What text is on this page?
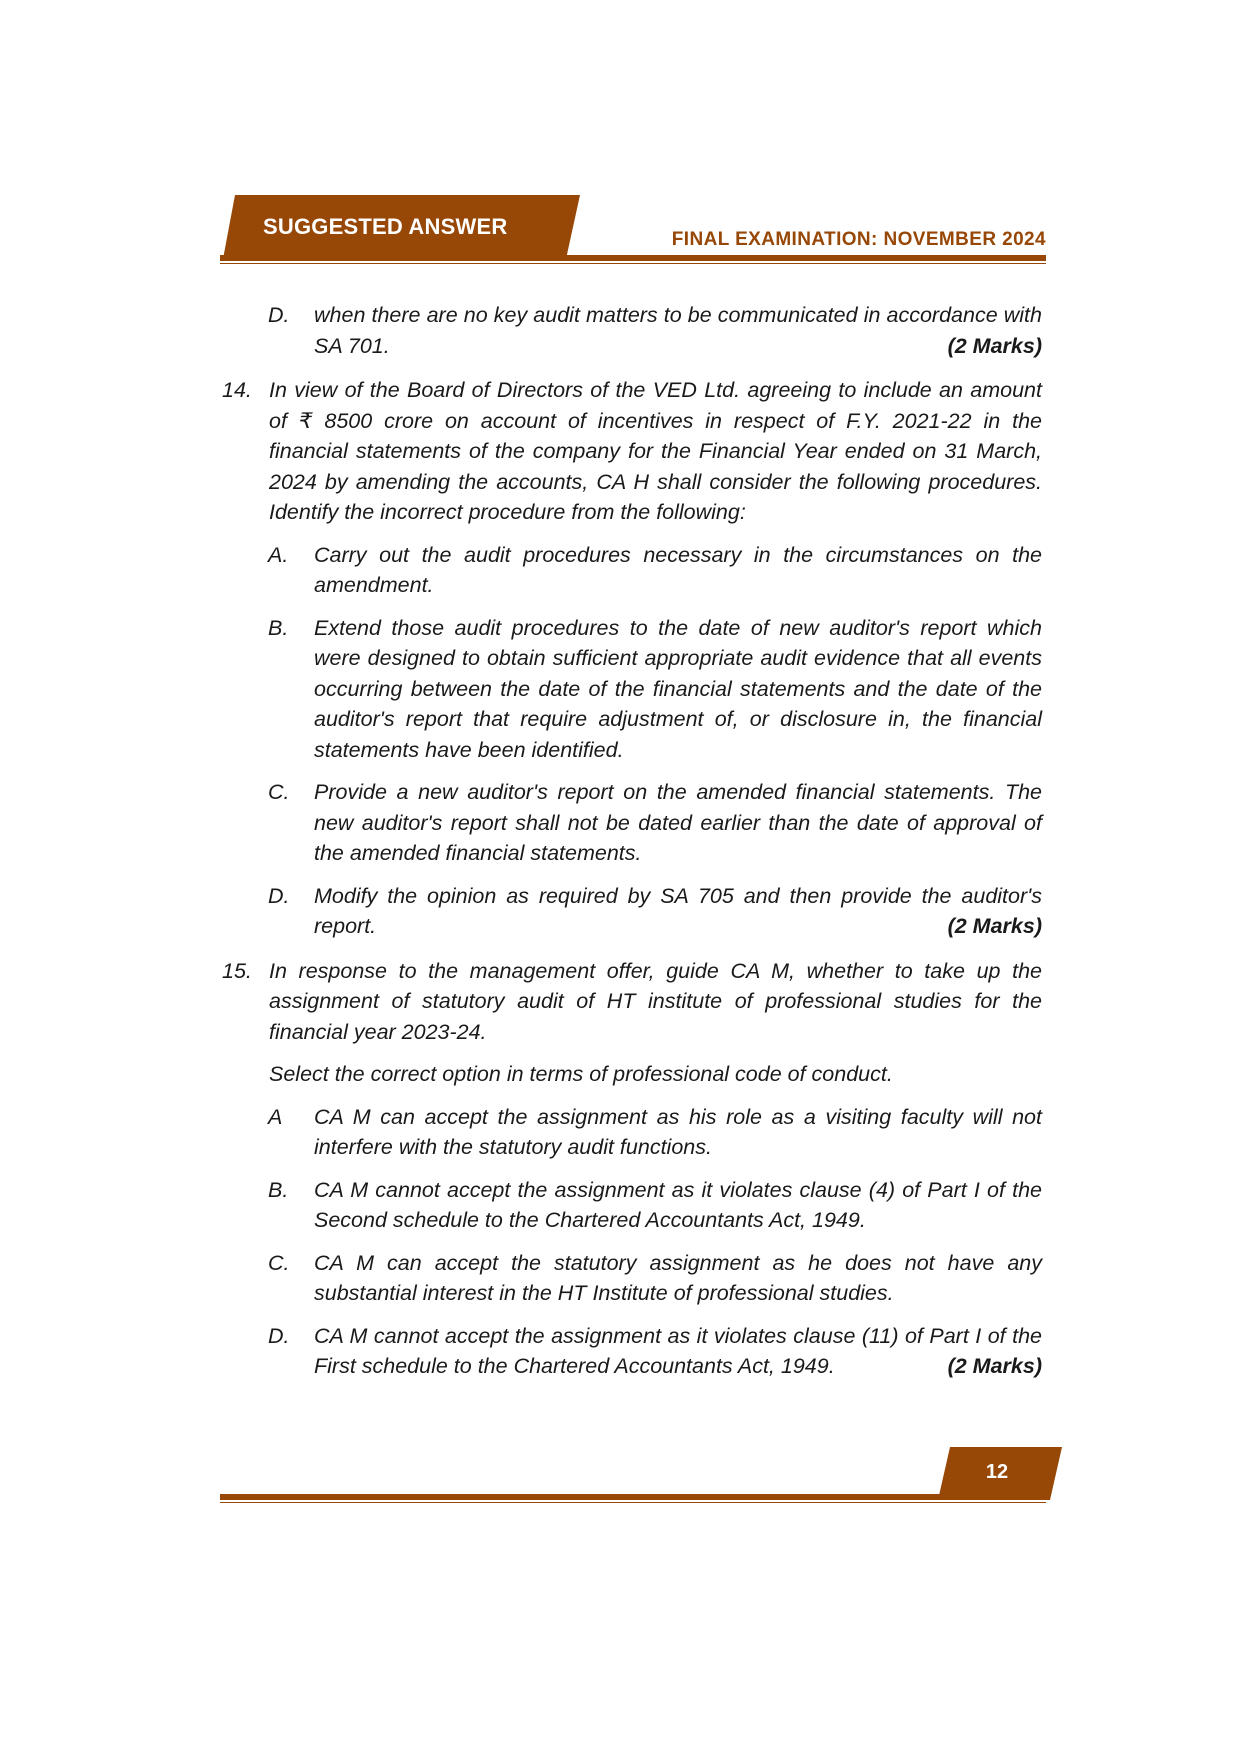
SUGGESTED ANSWER
FINAL EXAMINATION: NOVEMBER 2024
D. when there are no key audit matters to be communicated in accordance with SA 701.	(2 Marks)
14. In view of the Board of Directors of the VED Ltd. agreeing to include an amount of ₹ 8500 crore on account of incentives in respect of F.Y. 2021-22 in the financial statements of the company for the Financial Year ended on 31 March, 2024 by amending the accounts, CA H shall consider the following procedures. Identify the incorrect procedure from the following:
A. Carry out the audit procedures necessary in the circumstances on the amendment.
B. Extend those audit procedures to the date of new auditor's report which were designed to obtain sufficient appropriate audit evidence that all events occurring between the date of the financial statements and the date of the auditor's report that require adjustment of, or disclosure in, the financial statements have been identified.
C. Provide a new auditor's report on the amended financial statements. The new auditor's report shall not be dated earlier than the date of approval of the amended financial statements.
D. Modify the opinion as required by SA 705 and then provide the auditor's report.	(2 Marks)
15. In response to the management offer, guide CA M, whether to take up the assignment of statutory audit of HT institute of professional studies for the financial year 2023-24.
Select the correct option in terms of professional code of conduct.
A CA M can accept the assignment as his role as a visiting faculty will not interfere with the statutory audit functions.
B. CA M cannot accept the assignment as it violates clause (4) of Part I of the Second schedule to the Chartered Accountants Act, 1949.
C. CA M can accept the statutory assignment as he does not have any substantial interest in the HT Institute of professional studies.
D. CA M cannot accept the assignment as it violates clause (11) of Part I of the First schedule to the Chartered Accountants Act, 1949.	(2 Marks)
12
